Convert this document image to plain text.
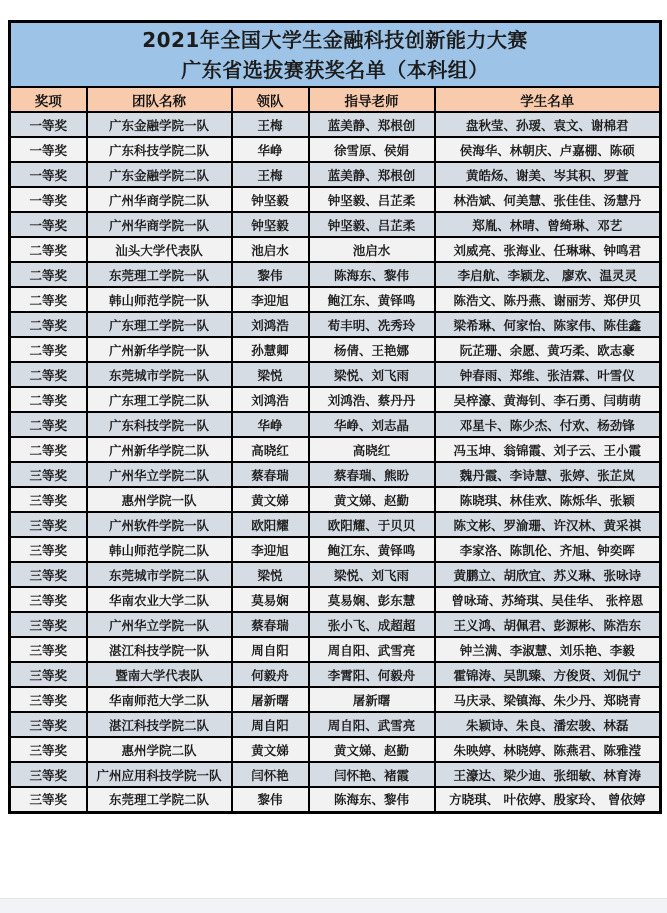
2021年全国大学生金融科技创新能力大赛
广东省选拔赛获奖名单（本科组）				

奖项	团队名称	领队	指导老师	学生名单
一等奖	广东金融学院一队	王梅	蓝美静、郑根创	盘秋莹、孙瑷、袁文、谢棉君
一等奖	广东科技学院二队	华峥	徐雪原、侯娟	侯海华、林朝庆、卢嘉棚、陈硕
一等奖	广东金融学院二队	王梅	蓝美静、郑根创	黄皓炀、谢美、岑其积、罗萱
一等奖	广州华商学院二队	钟坚毅	钟坚毅、吕芷柔	林浩斌、何美慧、张佳佳、汤慧丹
一等奖	广州华商学院一队	钟坚毅	钟坚毅、吕芷柔	郑胤、林晴、曾绮琳、邓艺
二等奖	汕头大学代表队	池启水	池启水	刘威亮、张海业、任琳琳、钟鸣君
二等奖	东莞理工学院一队	黎伟	陈海东、黎伟	李启航、李颖龙、 廖欢、温灵灵
二等奖	韩山师范学院一队	李迎旭	鲍江东、黄铎鸣	陈浩文、陈丹燕、谢丽芳、郑伊贝
二等奖	广东理工学院一队	刘鸿浩	荀丰明、冼秀玲	梁希琳、何家怡、陈家伟、陈佳鑫
二等奖	广州新华学院一队	孙慧卿	杨倩、王艳娜	阮芷珊、余愿、黄巧柔、欧志豪
二等奖	东莞城市学院一队	梁悦	梁悦、刘飞雨	钟春雨、郑维、张洁霖、叶雪仪
二等奖	广东理工学院二队	刘鸿浩	刘鸿浩、蔡丹丹	吴梓濠、黄海钊、李石勇、闫萌萌
二等奖	广东科技学院一队	华峥	华峥、刘志晶	邓星卡、陈少杰、付欢、杨劲锋
二等奖	广州新华学院二队	高晓红	高晓红	冯玉坤、翁锦霞、刘子云、王小霞
三等奖	广州华立学院二队	蔡春瑞	蔡春瑞、熊盼	魏丹霞、李诗慧、张婷、张芷岚
三等奖	惠州学院一队	黄文娣	黄文娣、赵勤	陈晓琪、林佳欢、陈烁华、张颖
三等奖	广州软件学院一队	欧阳耀	欧阳耀、于贝贝	陈文彬、罗渝珊、许汉林、黄采祺
三等奖	韩山师范学院二队	李迎旭	鲍江东、黄铎鸣	李家洛、陈凯伦、齐旭、钟奕晖
三等奖	东莞城市学院二队	梁悦	梁悦、刘飞雨	黄鹏立、胡欣宜、苏义琳、张咏诗
三等奖	华南农业大学二队	莫易娴	莫易娴、彭东慧	曾咏琦、苏绮琪、吴佳华、 张梓恩
三等奖	广州华立学院一队	蔡春瑞	张小飞、成超超	王义鸿、胡佩君、彭源彬、陈浩东
三等奖	湛江科技学院一队	周自阳	周自阳、武雪亮	钟兰满、李淑慧、刘乐艳、李毅
三等奖	暨南大学代表队	何毅舟	李霄阳、何毅舟	霍锦涛、吴凯臻、方俊贤、刘侃宁
三等奖	华南师范大学二队	屠新曙	屠新曙	马庆录、梁镇海、朱少丹、郑晓青
三等奖	湛江科技学院二队	周自阳	周自阳、武雪亮	朱颖诗、朱良、潘宏骏、林磊
三等奖	惠州学院二队	黄文娣	黄文娣、赵勤	朱映婷、林晓婷、陈燕君、陈雅滢
三等奖	广州应用科技学院一队	闫怀艳	闫怀艳、褚霞	王濠达、梁少迪、张细敏、林育涛
三等奖	东莞理工学院二队	黎伟	陈海东、黎伟	方晓琪、 叶依婷、殷家玲、 曾依婷
